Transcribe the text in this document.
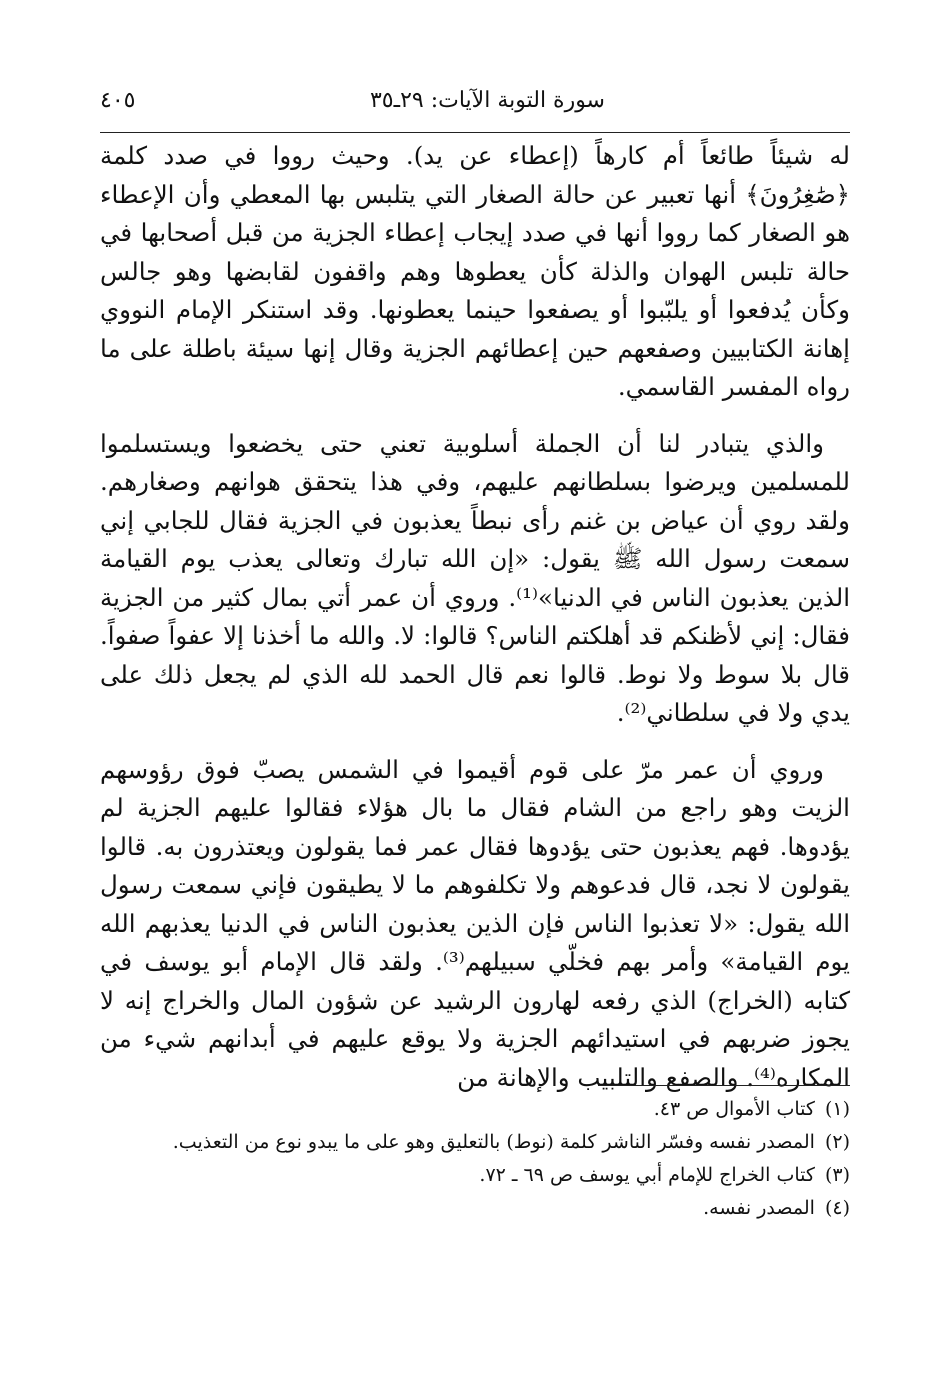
سورة التوبة الآيات: ٢٩ـ٣٥
٤٠٥

له شيئاً طائعاً أم كارهاً (إعطاء عن يد). وحيث رووا في صدد كلمة ﴿صَٰغِرُونَ﴾ أنها تعبير عن حالة الصغار التي يتلبس بها المعطي وأن الإعطاء هو الصغار كما رووا أنها في صدد إيجاب إعطاء الجزية من قبل أصحابها في حالة تلبس الهوان والذلة كأن يعطوها وهم واقفون لقابضها وهو جالس وكأن يُدفعوا أو يلبّبوا أو يصفعوا حينما يعطونها. وقد استنكر الإمام النووي إهانة الكتابيين وصفعهم حين إعطائهم الجزية وقال إنها سيئة باطلة على ما رواه المفسر القاسمي.

والذي يتبادر لنا أن الجملة أسلوبية تعني حتى يخضعوا ويستسلموا للمسلمين ويرضوا بسلطانهم عليهم، وفي هذا يتحقق هوانهم وصغارهم. ولقد روي أن عياض بن غنم رأى نبطاً يعذبون في الجزية فقال للجابي إني سمعت رسول الله ﷺ يقول: «إن الله تبارك وتعالى يعذب يوم القيامة الذين يعذبون الناس في الدنيا»⁽¹⁾. وروي أن عمر أتي بمال كثير من الجزية فقال: إني لأظنكم قد أهلكتم الناس؟ قالوا: لا. والله ما أخذنا إلا عفواً صفواً. قال بلا سوط ولا نوط. قالوا نعم قال الحمد لله الذي لم يجعل ذلك على يدي ولا في سلطاني⁽²⁾.

وروي أن عمر مرّ على قوم أقيموا في الشمس يصبّ فوق رؤوسهم الزيت وهو راجع من الشام فقال ما بال هؤلاء فقالوا عليهم الجزية لم يؤدوها. فهم يعذبون حتى يؤدوها فقال عمر فما يقولون ويعتذرون به. قالوا يقولون لا نجد، قال فدعوهم ولا تكلفوهم ما لا يطيقون فإني سمعت رسول الله يقول: «لا تعذبوا الناس فإن الذين يعذبون الناس في الدنيا يعذبهم الله يوم القيامة» وأمر بهم فخلّي سبيلهم⁽³⁾. ولقد قال الإمام أبو يوسف في كتابه (الخراج) الذي رفعه لهارون الرشيد عن شؤون المال والخراج إنه لا يجوز ضربهم في استيدائهم الجزية ولا يوقع عليهم في أبدانهم شيء من المكاره⁽⁴⁾. والصفع والتلبيب والإهانة من

(١)كتاب الأموال ص ٤٣.
(٢)المصدر نفسه وفسّر الناشر كلمة (نوط) بالتعليق وهو على ما يبدو نوع من التعذيب.
(٣)كتاب الخراج للإمام أبي يوسف ص ٦٩ ـ ٧٢.
(٤)المصدر نفسه.
